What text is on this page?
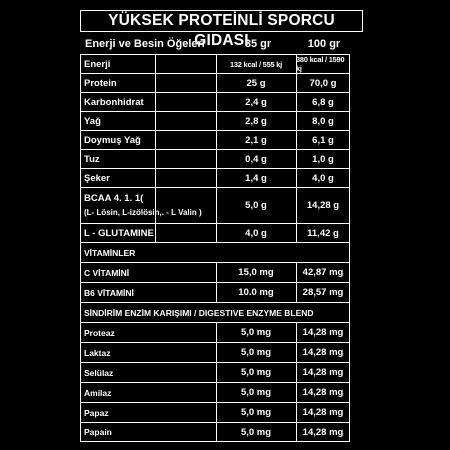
YÜKSEK PROTEİNLİ SPORCU GIDASI
Enerji ve Besin Öğeleri	35 gr	100 gr
Enerji	132 kcal / 555 kj	380 kcal / 1590 kj
Protein	25 g	70,0 g
Karbonhidrat	2,4 g	6,8 g
Yağ	2,8 g	8,0 g
Doymuş Yağ	2,1 g	6,1 g
Tuz	0,4 g	1,0 g
Şeker	1,4 g	4,0 g
BCAA 4. 1. 1(
(L- Lösin, L-izölösin,. - L Valin )
5,0 g	14,28 g
L - GLUTAMINE	4,0 g	11,42 g
VİTAMİNLER
C VİTAMİNİ	15,0 mg	42,87 mg
B6 VİTAMİNİ	10.0 mg	28,57 mg
SİNDİRİM ENZİM KARIŞIMI / DIGESTIVE ENZYME BLEND
Proteaz	5,0 mg	14,28 mg
Laktaz	5,0 mg	14,28 mg
Selülaz	5,0 mg	14,28 mg
Amilaz	5,0 mg	14,28 mg
Papaz	5,0 mg	14,28 mg
Papain	5,0 mg	14,28 mg
